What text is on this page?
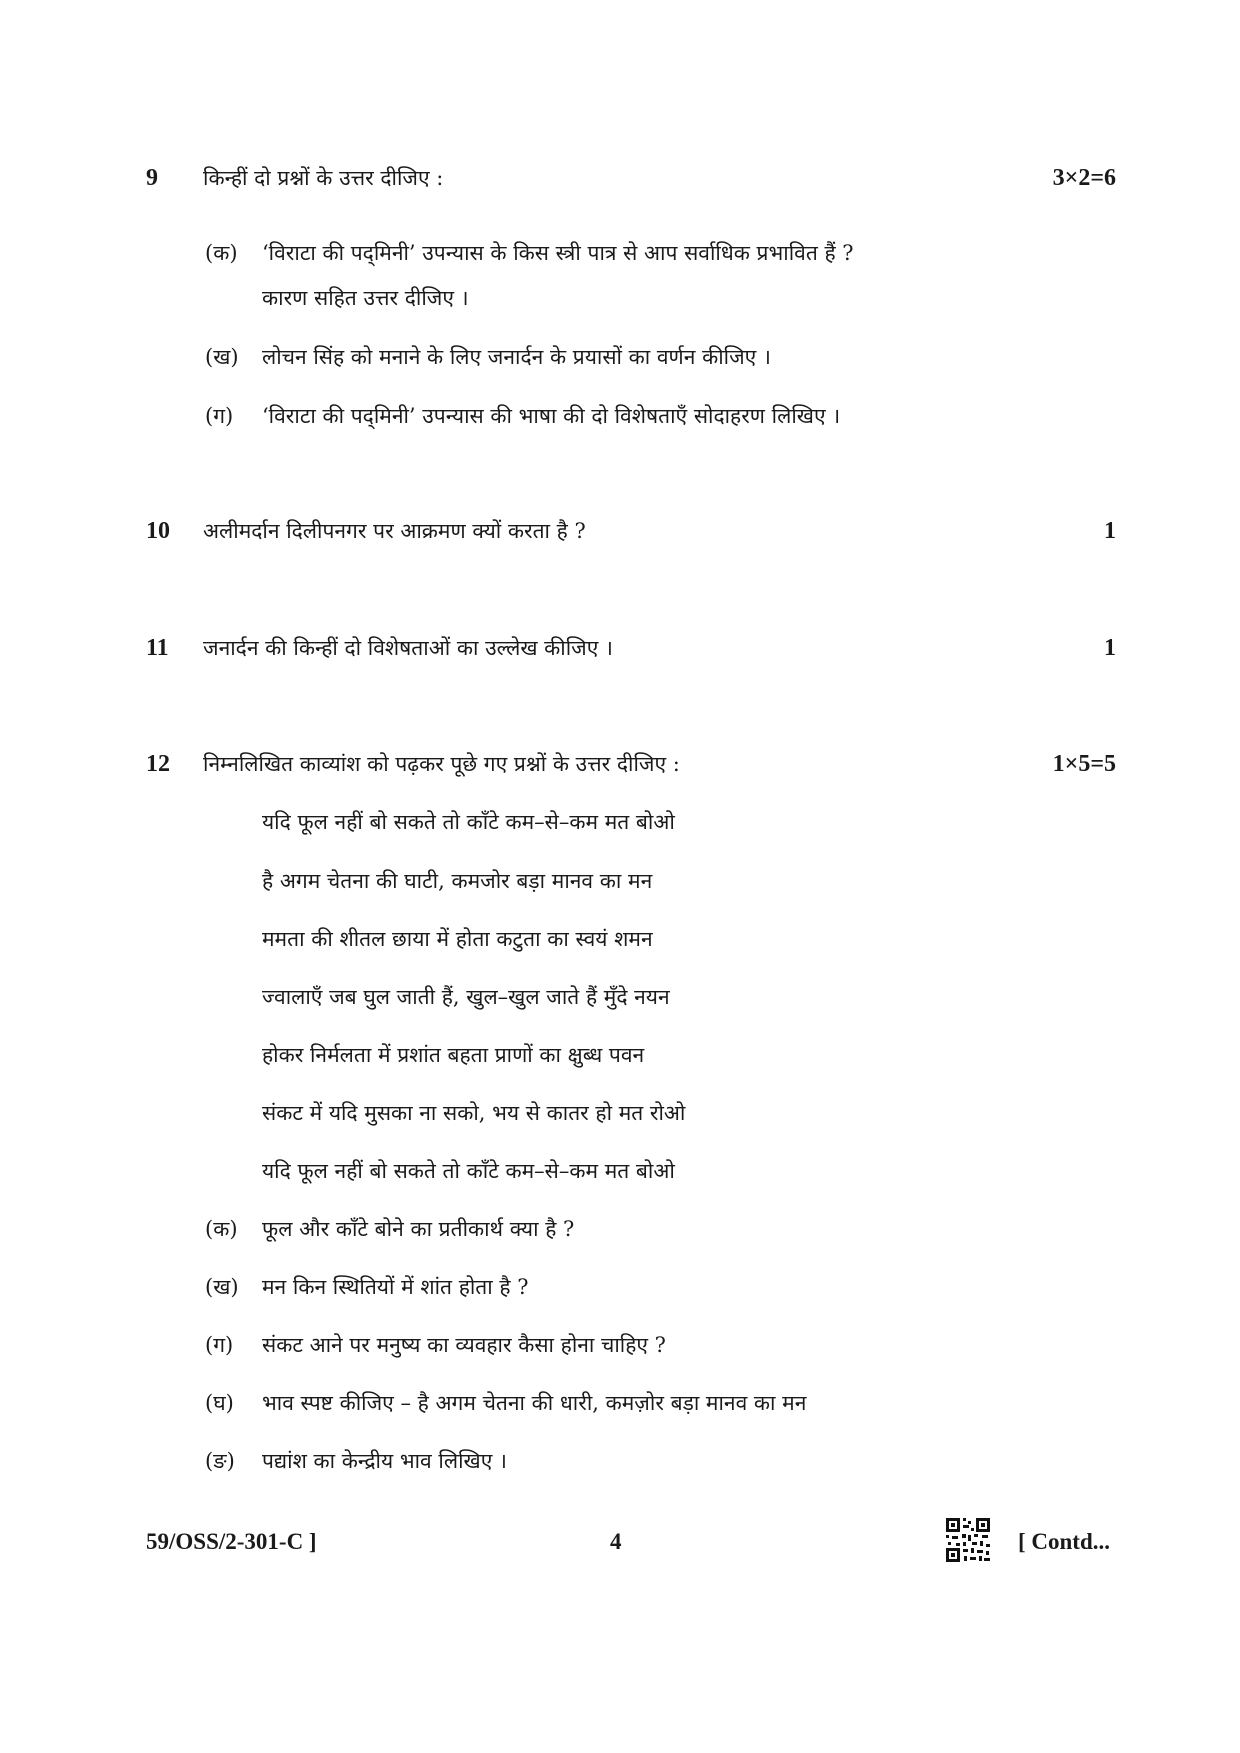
9 किन्हीं दो प्रश्नों के उत्तर दीजिए :	3×2=6
(क) ‘विराटा की पद्‌मिनी’ उपन्यास के किस स्त्री पात्र से आप सर्वाधिक प्रभावित हैं ?
कारण सहित उत्तर दीजिए ।
(ख) लोचन सिंह को मनाने के लिए जनार्दन के प्रयासों का वर्णन कीजिए ।
(ग) ‘विराटा की पद्‌मिनी’ उपन्यास की भाषा की दो विशेषताएँ सोदाहरण लिखिए ।
10 अलीमर्दान दिलीपनगर पर आक्रमण क्यों करता है ?	1
11 जनार्दन की किन्हीं दो विशेषताओं का उल्लेख कीजिए ।	1
12 निम्नलिखित काव्यांश को पढ़कर पूछे गए प्रश्नों के उत्तर दीजिए :	1×5=5
यदि फूल नहीं बो सकते तो काँटे कम–से–कम मत बोओ
है अगम चेतना की घाटी, कमजोर बड़ा मानव का मन
ममता की शीतल छाया में होता कटुता का स्वयं शमन
ज्वालाएँ जब घुल जाती हैं, खुल–खुल जाते हैं मुँदे नयन
होकर निर्मलता में प्रशांत बहता प्राणों का क्षुब्ध पवन
संकट में यदि मुसका ना सको, भय से कातर हो मत रोओ
यदि फूल नहीं बो सकते तो काँटे कम–से–कम मत बोओ
(क) फूल और काँटे बोने का प्रतीकार्थ क्या है ?
(ख) मन किन स्थितियों में शांत होता है ?
(ग) संकट आने पर मनुष्य का व्यवहार कैसा होना चाहिए ?
(घ) भाव स्पष्ट कीजिए – है अगम चेतना की धारी, कमज़ोर बड़ा मानव का मन
(ङ) पद्यांश का केन्द्रीय भाव लिखिए ।
59/OSS/2-301-C ]	4	[ Contd...
